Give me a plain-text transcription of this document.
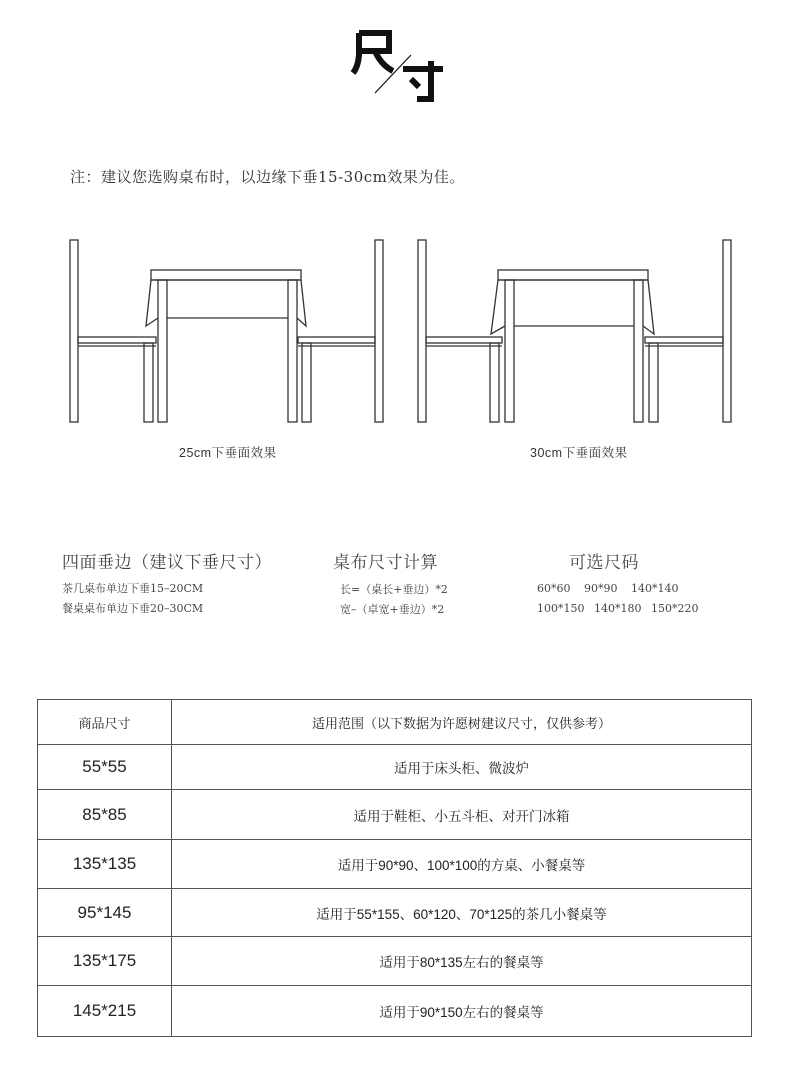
注：建议您选购桌布时，以边缘下垂15-30cm效果为佳。
25cm下垂面效果	30cm下垂面效果
四面垂边（建议下垂尺寸）
茶几桌布单边下垂15–20CM
餐桌桌布单边下垂20–30CM
桌布尺寸计算
长=（桌长+垂边）*2
宽–（卓宽+垂边）*2
可选尺码
60*60 90*90 140*140
100*150 140*180 150*220
商品尺寸	适用范围（以下数据为许愿树建议尺寸，仅供参考）
55*55	适用于床头柜、微波炉
85*85	适用于鞋柜、小五斗柜、对开门冰箱
135*135	适用于90*90、100*100的方桌、小餐桌等
95*145	适用于55*155、60*120、70*125的茶几小餐桌等
135*175	适用于80*135左右的餐桌等
145*215	适用于90*150左右的餐桌等
